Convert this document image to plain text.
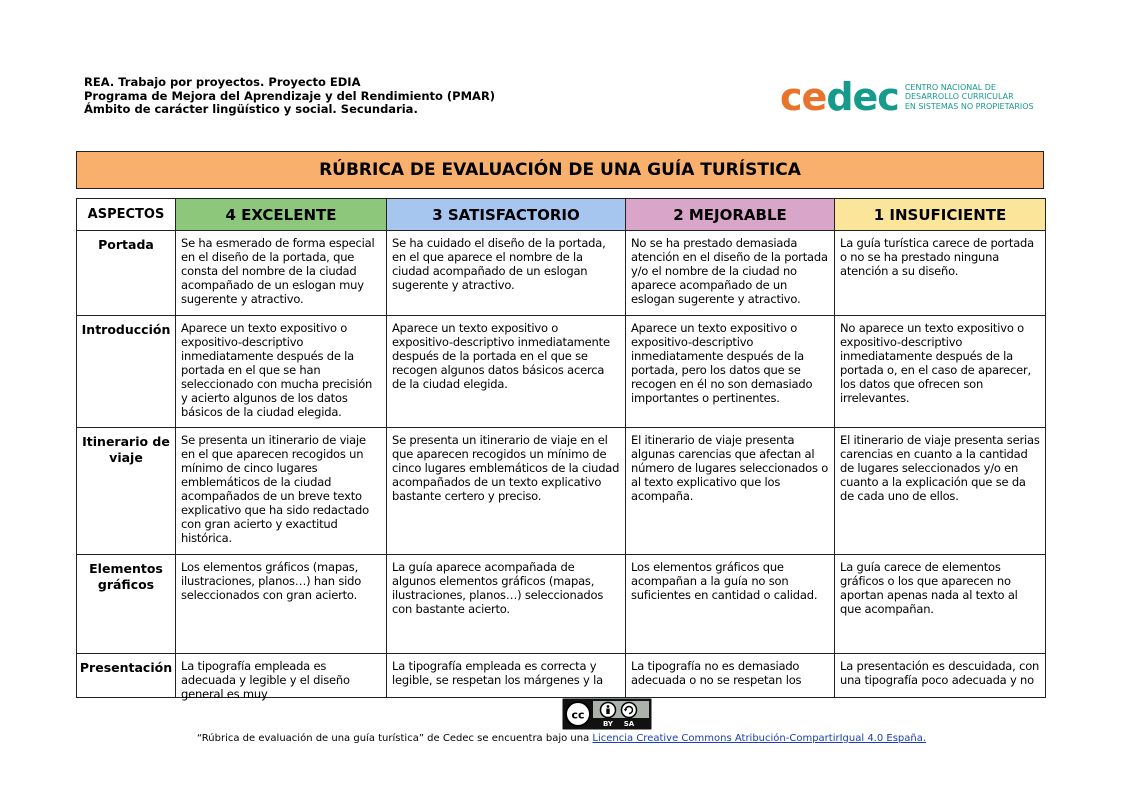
REA. Trabajo por proyectos. Proyecto EDIA
Programa de Mejora del Aprendizaje y del Rendimiento (PMAR)
Ámbito de carácter lingüístico y social. Secundaria.	cedec CENTRO NACIONAL DE
DESARROLLO CURRICULAR
EN SISTEMAS NO PROPIETARIOS
RÚBRICA DE EVALUACIÓN DE UNA GUÍA TURÍSTICA
ASPECTOS	4 EXCELENTE	3 SATISFACTORIO	2 MEJORABLE	1 INSUFICIENTE
Portada	Se ha esmerado de forma especial en el diseño de la portada, que consta del nombre de la ciudad acompañado de un eslogan muy sugerente y atractivo.	Se ha cuidado el diseño de la portada, en el que aparece el nombre de la ciudad acompañado de un eslogan sugerente y atractivo.	No se ha prestado demasiada atención en el diseño de la portada y/o el nombre de la ciudad no aparece acompañado de un eslogan sugerente y atractivo.	La guía turística carece de portada o no se ha prestado ninguna atención a su diseño.
Introducción	Aparece un texto expositivo o expositivo-descriptivo inmediatamente después de la portada en el que se han seleccionado con mucha precisión y acierto algunos de los datos básicos de la ciudad elegida.	Aparece un texto expositivo o expositivo-descriptivo inmediatamente después de la portada en el que se recogen algunos datos básicos acerca de la ciudad elegida.	Aparece un texto expositivo o expositivo-descriptivo inmediatamente después de la portada, pero los datos que se recogen en él no son demasiado importantes o pertinentes.	No aparece un texto expositivo o expositivo-descriptivo inmediatamente después de la portada o, en el caso de aparecer, los datos que ofrecen son irrelevantes.
Itinerario de viaje	Se presenta un itinerario de viaje en el que aparecen recogidos un mínimo de cinco lugares emblemáticos de la ciudad acompañados de un breve texto explicativo que ha sido redactado con gran acierto y exactitud histórica.	Se presenta un itinerario de viaje en el que aparecen recogidos un mínimo de cinco lugares emblemáticos de la ciudad acompañados de un texto explicativo bastante certero y preciso.	El itinerario de viaje presenta algunas carencias que afectan al número de lugares seleccionados o al texto explicativo que los acompaña.	El itinerario de viaje presenta serias carencias en cuanto a la cantidad de lugares seleccionados y/o en cuanto a la explicación que se da de cada uno de ellos.
Elementos gráficos	Los elementos gráficos (mapas, ilustraciones, planos…) han sido seleccionados con gran acierto.	La guía aparece acompañada de algunos elementos gráficos (mapas, ilustraciones, planos…) seleccionados con bastante acierto.	Los elementos gráficos que acompañan a la guía no son suficientes en cantidad o calidad.	La guía carece de elementos gráficos o los que aparecen no aportan apenas nada al texto al que acompañan.
Presentación	La tipografía empleada es adecuada y legible y el diseño general es muy	La tipografía empleada es correcta y legible, se respetan los márgenes y la	La tipografía no es demasiado adecuada o no se respetan los	La presentación es descuidada, con una tipografía poco adecuada y no
cc
BY SA
“Rúbrica de evaluación de una guía turística” de Cedec se encuentra bajo una Licencia Creative Commons Atribución-CompartirIgual 4.0 España.
